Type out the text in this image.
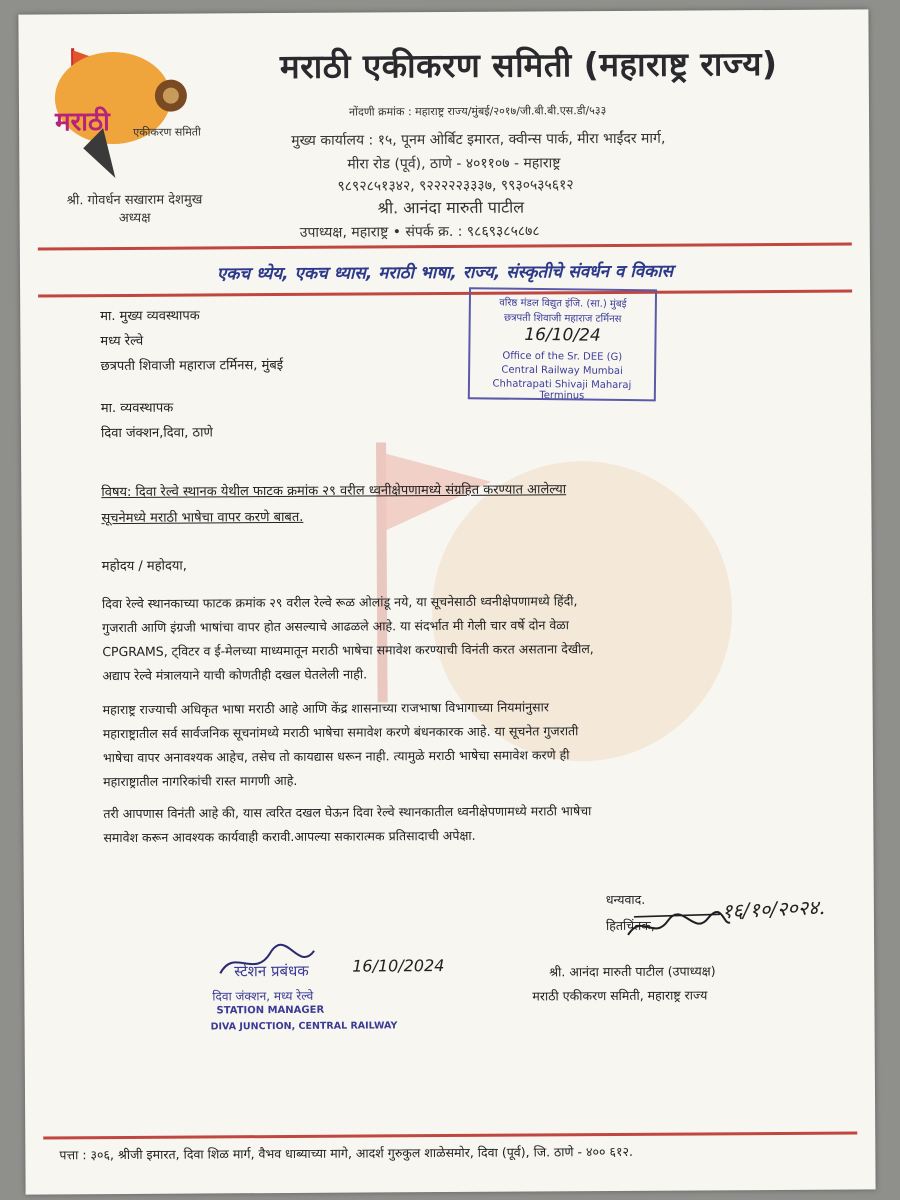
मराठी एकीकरण समिती
मराठी एकीकरण समिती (महाराष्ट्र राज्य)
नोंदणी क्रमांक : महाराष्ट्र राज्य/मुंबई/२०१७/जी.बी.बी.एस.डी/५३३
मुख्य कार्यालय : १५, पूनम ओर्बिट इमारत, क्वीन्स पार्क, मीरा भाईंदर मार्ग,
मीरा रोड (पूर्व), ठाणे - ४०११०७ - महाराष्ट्र
९८९२८५१३४२, ९२२२२२३३३७, ९९३०५३५६१२
श्री. गोवर्धन सखाराम देशमुख
अध्यक्ष
श्री. आनंदा मारुती पाटील
उपाध्यक्ष, महाराष्ट्र • संपर्क क्र. : ९८६९३८५८७८
एकच ध्येय, एकच ध्यास, मराठी भाषा, राज्य, संस्कृतीचे संवर्धन व विकास
मा. मुख्य व्यवस्थापक
मध्य रेल्वे
छत्रपती शिवाजी महाराज टर्मिनस, मुंबई
मा. व्यवस्थापक
दिवा जंक्शन,दिवा, ठाणे
वरिष्ठ मंडल विद्युत इंजि. (सा.) मुंबई
छत्रपती शिवाजी महाराज टर्मिनस
16/10/24
Office of the Sr. DEE (G)
Central Railway Mumbai
Chhatrapati Shivaji Maharaj Terminus
विषय: दिवा रेल्वे स्थानक येथील फाटक क्रमांक २९ वरील ध्वनीक्षेपणामध्ये संग्रहित करण्यात आलेल्या
सूचनेमध्ये मराठी भाषेचा वापर करणे बाबत.
महोदय / महोदया,
दिवा रेल्वे स्थानकाच्या फाटक क्रमांक २९ वरील रेल्वे रूळ ओलांडू नये, या सूचनेसाठी ध्वनीक्षेपणामध्ये हिंदी,
गुजराती आणि इंग्रजी भाषांचा वापर होत असल्याचे आढळले आहे. या संदर्भात मी गेली चार वर्षे दोन वेळा
CPGRAMS, ट्विटर व ई-मेलच्या माध्यमातून मराठी भाषेचा समावेश करण्याची विनंती करत असताना देखील,
अद्याप रेल्वे मंत्रालयाने याची कोणतीही दखल घेतलेली नाही.
महाराष्ट्र राज्याची अधिकृत भाषा मराठी आहे आणि केंद्र शासनाच्या राजभाषा विभागाच्या नियमांनुसार
महाराष्ट्रातील सर्व सार्वजनिक सूचनांमध्ये मराठी भाषेचा समावेश करणे बंधनकारक आहे. या सूचनेत गुजराती
भाषेचा वापर अनावश्यक आहेच, तसेच तो कायद्यास धरून नाही. त्यामुळे मराठी भाषेचा समावेश करणे ही
महाराष्ट्रातील नागरिकांची रास्त मागणी आहे.
तरी आपणास विनंती आहे की, यास त्वरित दखल घेऊन दिवा रेल्वे स्थानकातील ध्वनीक्षेपणामध्ये मराठी भाषेचा
समावेश करून आवश्यक कार्यवाही करावी.आपल्या सकारात्मक प्रतिसादाची अपेक्षा.
धन्यवाद.
हितचिंतक,
१६/१०/२०२४.
श्री. आनंदा मारुती पाटील (उपाध्यक्ष)
मराठी एकीकरण समिती, महाराष्ट्र राज्य
स्टेशन प्रबंधक	16/10/2024
दिवा जंक्शन, मध्य रेल्वे
STATION MANAGER
DIVA JUNCTION, CENTRAL RAILWAY
पत्ता : ३०६, श्रीजी इमारत, दिवा शिळ मार्ग, वैभव धाब्याच्या मागे, आदर्श गुरुकुल शाळेसमोर, दिवा (पूर्व), जि. ठाणे - ४०० ६१२.
